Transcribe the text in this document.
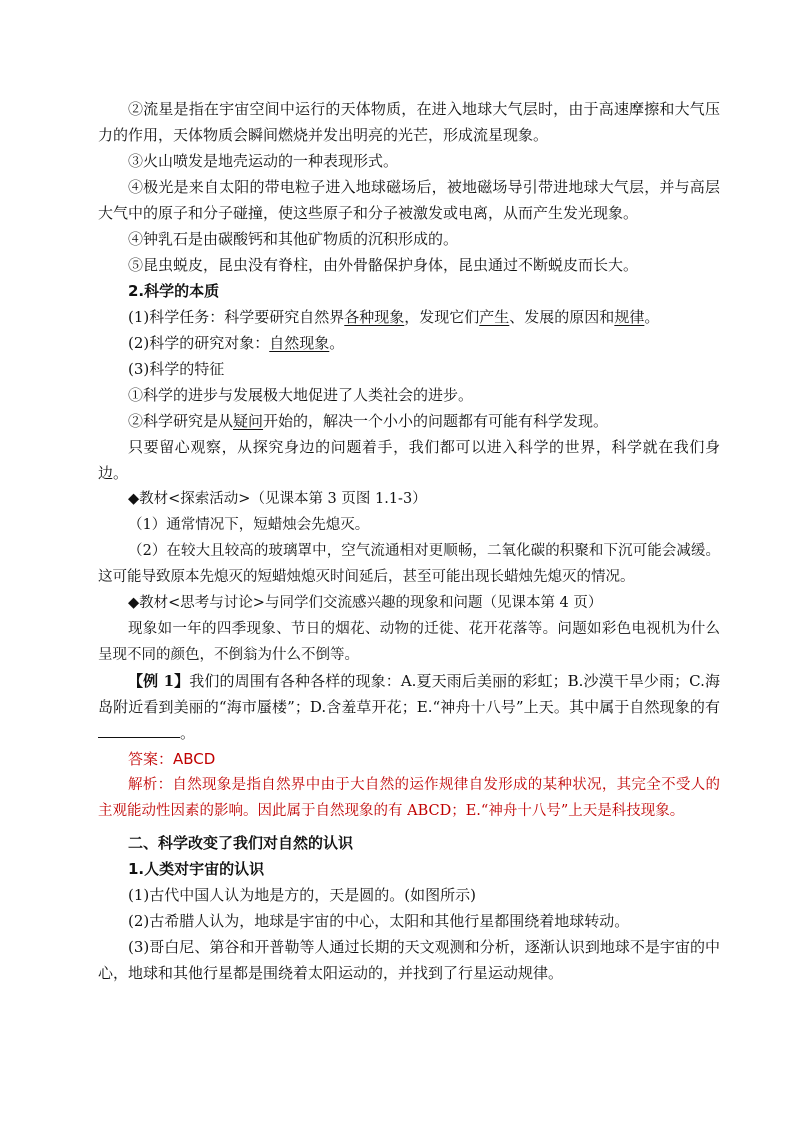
②流星是指在宇宙空间中运行的天体物质，在进入地球大气层时，由于高速摩擦和大气压力的作用，天体物质会瞬间燃烧并发出明亮的光芒，形成流星现象。

③火山喷发是地壳运动的一种表现形式。

④极光是来自太阳的带电粒子进入地球磁场后，被地磁场导引带进地球大气层，并与高层大气中的原子和分子碰撞，使这些原子和分子被激发或电离，从而产生发光现象。

④钟乳石是由碳酸钙和其他矿物质的沉积形成的。

⑤昆虫蜕皮，昆虫没有脊柱，由外骨骼保护身体，昆虫通过不断蜕皮而长大。

2.科学的本质

(1)科学任务：科学要研究自然界各种现象，发现它们产生、发展的原因和规律。

(2)科学的研究对象：自然现象。

(3)科学的特征

①科学的进步与发展极大地促进了人类社会的进步。

②科学研究是从疑问开始的，解决一个小小的问题都有可能有科学发现。

只要留心观察，从探究身边的问题着手，我们都可以进入科学的世界，科学就在我们身边。

◆教材<探索活动>（见课本第 3 页图 1.1-3）

（1）通常情况下，短蜡烛会先熄灭。

（2）在较大且较高的玻璃罩中，空气流通相对更顺畅，二氧化碳的积聚和下沉可能会减缓。这可能导致原本先熄灭的短蜡烛熄灭时间延后，甚至可能出现长蜡烛先熄灭的情况。

◆教材<思考与讨论>与同学们交流感兴趣的现象和问题（见课本第 4 页）

现象如一年的四季现象、节日的烟花、动物的迁徙、花开花落等。问题如彩色电视机为什么呈现不同的颜色，不倒翁为什么不倒等。

【例 1】我们的周围有各种各样的现象：A.夏天雨后美丽的彩虹；B.沙漠干旱少雨；C.海岛附近看到美丽的“海市蜃楼”；D.含羞草开花；E.“神舟十八号”上天。其中属于自然现象的有。

答案：ABCD

解析：自然现象是指自然界中由于大自然的运作规律自发形成的某种状况，其完全不受人的主观能动性因素的影响。因此属于自然现象的有 ABCD；E.“神舟十八号”上天是科技现象。

二、科学改变了我们对自然的认识

1.人类对宇宙的认识

(1)古代中国人认为地是方的，天是圆的。(如图所示)

(2)古希腊人认为，地球是宇宙的中心，太阳和其他行星都围绕着地球转动。

(3)哥白尼、第谷和开普勒等人通过长期的天文观测和分析，逐渐认识到地球不是宇宙的中心，地球和其他行星都是围绕着太阳运动的，并找到了行星运动规律。
